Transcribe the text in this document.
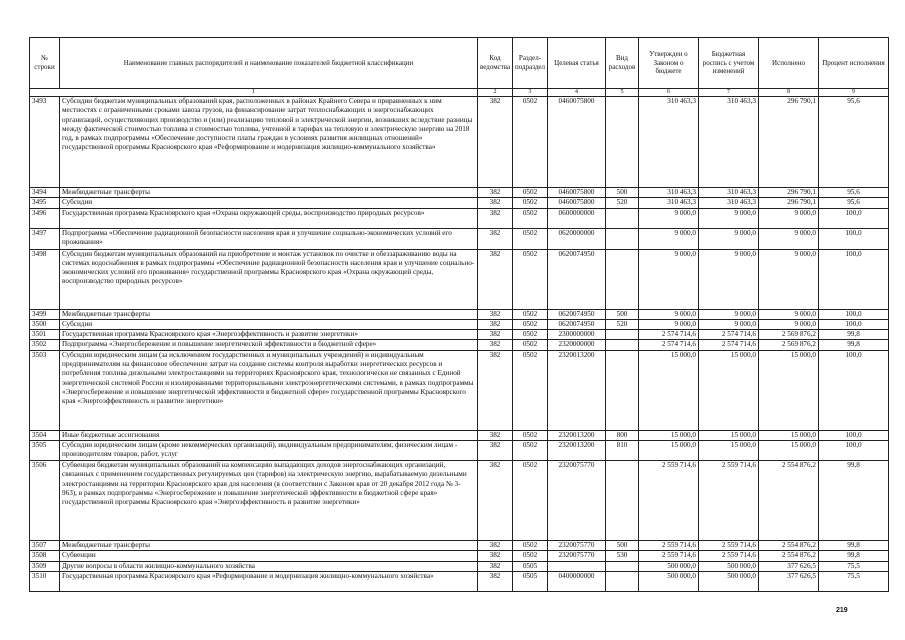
№ строки	Наименование главных распорядителей и наименование показателей бюджетной классификации	Код ведомства	Раздел-подраздел	Целевая статья	Вид расходов	Утвержден о Законом о бюджете	Бюджетная роспись с учетом изменений	Исполнено	Процент исполнения
1		2	3	4	5	6	7	8	9
3493	Субсидии бюджетам муниципальных образований края, расположенных в районах Крайнего Севера и приравненных к ним местностях с ограниченными сроками завоза грузов, на финансирование затрат теплоснабжающих и энергоснабжающих организаций, осуществляющих производство и (или) реализацию тепловой и электрической энергии, возникших вследствие разницы между фактической стоимостью топлива и стоимостью топлива, учтенной в тарифах на тепловую и электрическую энергию на 2018 год, в рамках подпрограммы «Обеспечение доступности платы граждан в условиях развития жилищных отношений» государственной программы Красноярского края «Реформирование и модернизация жилищно-коммунального хозяйства»	382	0502	0460075800		310 463,3	310 463,3	296 790,1	95,6
3494	Межбюджетные трансферты	382	0502	0460075800	500	310 463,3	310 463,3	296 790,1	95,6
3495	Субсидии	382	0502	0460075800	520	310 463,3	310 463,3	296 790,1	95,6
3496	Государственная программа Красноярского края «Охрана окружающей среды, воспроизводство природных ресурсов»	382	0502	0600000000		9 000,0	9 000,0	9 000,0	100,0
3497	Подпрограмма «Обеспечение радиационной безопасности населения края и улучшение социально-экономических условий его проживания»	382	0502	0620000000		9 000,0	9 000,0	9 000,0	100,0
3498	Субсидии бюджетам муниципальных образований на приобретение и монтаж установок по очистке и обеззараживанию воды на системах водоснабжения в рамках подпрограммы «Обеспечение радиационной безопасности населения края и улучшение социально-экономических условий его проживания» государственной программы Красноярского края «Охрана окружающей среды, воспроизводство природных ресурсов»	382	0502	0620074950		9 000,0	9 000,0	9 000,0	100,0
3499	Межбюджетные трансферты	382	0502	0620074950	500	9 000,0	9 000,0	9 000,0	100,0
3500	Субсидии	382	0502	0620074950	520	9 000,0	9 000,0	9 000,0	100,0
3501	Государственная программа Красноярского края «Энергоэффективность и развитие энергетики»	382	0502	2300000000		2 574 714,6	2 574 714,6	2 569 876,2	99,8
3502	Подпрограмма «Энергосбережение и повышение энергетической эффективности в бюджетной сфере»	382	0502	2320000000		2 574 714,6	2 574 714,6	2 569 876,2	99,8
3503	Субсидии юридическим лицам (за исключением государственных и муниципальных учреждений) и индивидуальным предпринимателям на финансовое обеспечение затрат на создание системы контроля выработки энергетических ресурсов и потребления топлива дизельными электростанциями на территориях Красноярского края, технологически не связанных с Единой энергетической системой России и изолированными территориальными электроэнергетическими системами, в рамках подпрограммы «Энергосбережение и повышение энергетической эффективности в бюджетной сфере» государственной программы Красноярского края «Энергоэффективность и развитие энергетики»	382	0502	2320013200		15 000,0	15 000,0	15 000,0	100,0
3504	Иные бюджетные ассигнования	382	0502	2320013200	800	15 000,0	15 000,0	15 000,0	100,0
3505	Субсидии юридическим лицам (кроме некоммерческих организаций), индивидуальным предпринимателям, физическим лицам - производителям товаров, работ, услуг	382	0502	2320013200	810	15 000,0	15 000,0	15 000,0	100,0
3506	Субвенция бюджетам муниципальных образований на компенсацию выпадающих доходов энергоснабжающих организаций, связанных с применением государственных регулируемых цен (тарифов) на электрическую энергию, вырабатываемую дизельными электростанциями на территории Красноярского края для населения (в соответствии с Законом края от 20 декабря 2012 года № 3-963), в рамках подпрограммы «Энергосбережение и повышение энергетической эффективности в бюджетной сфере края» государственной программы Красноярского края «Энергоэффективность и развитие энергетики»	382	0502	2320075770		2 559 714,6	2 559 714,6	2 554 876,2	99,8
3507	Межбюджетные трансферты	382	0502	2320075770	500	2 559 714,6	2 559 714,6	2 554 876,2	99,8
3508	Субвенции	382	0502	2320075770	530	2 559 714,6	2 559 714,6	2 554 876,2	99,8
3509	Другие вопросы в области жилищно-коммунального хозяйства	382	0505			500 000,0	500 000,0	377 626,5	75,5
3510	Государственная программа Красноярского края «Реформирование и модернизация жилищно-коммунального хозяйства»	382	0505	0400000000		500 000,0	500 000,0	377 626,5	75,5
219
